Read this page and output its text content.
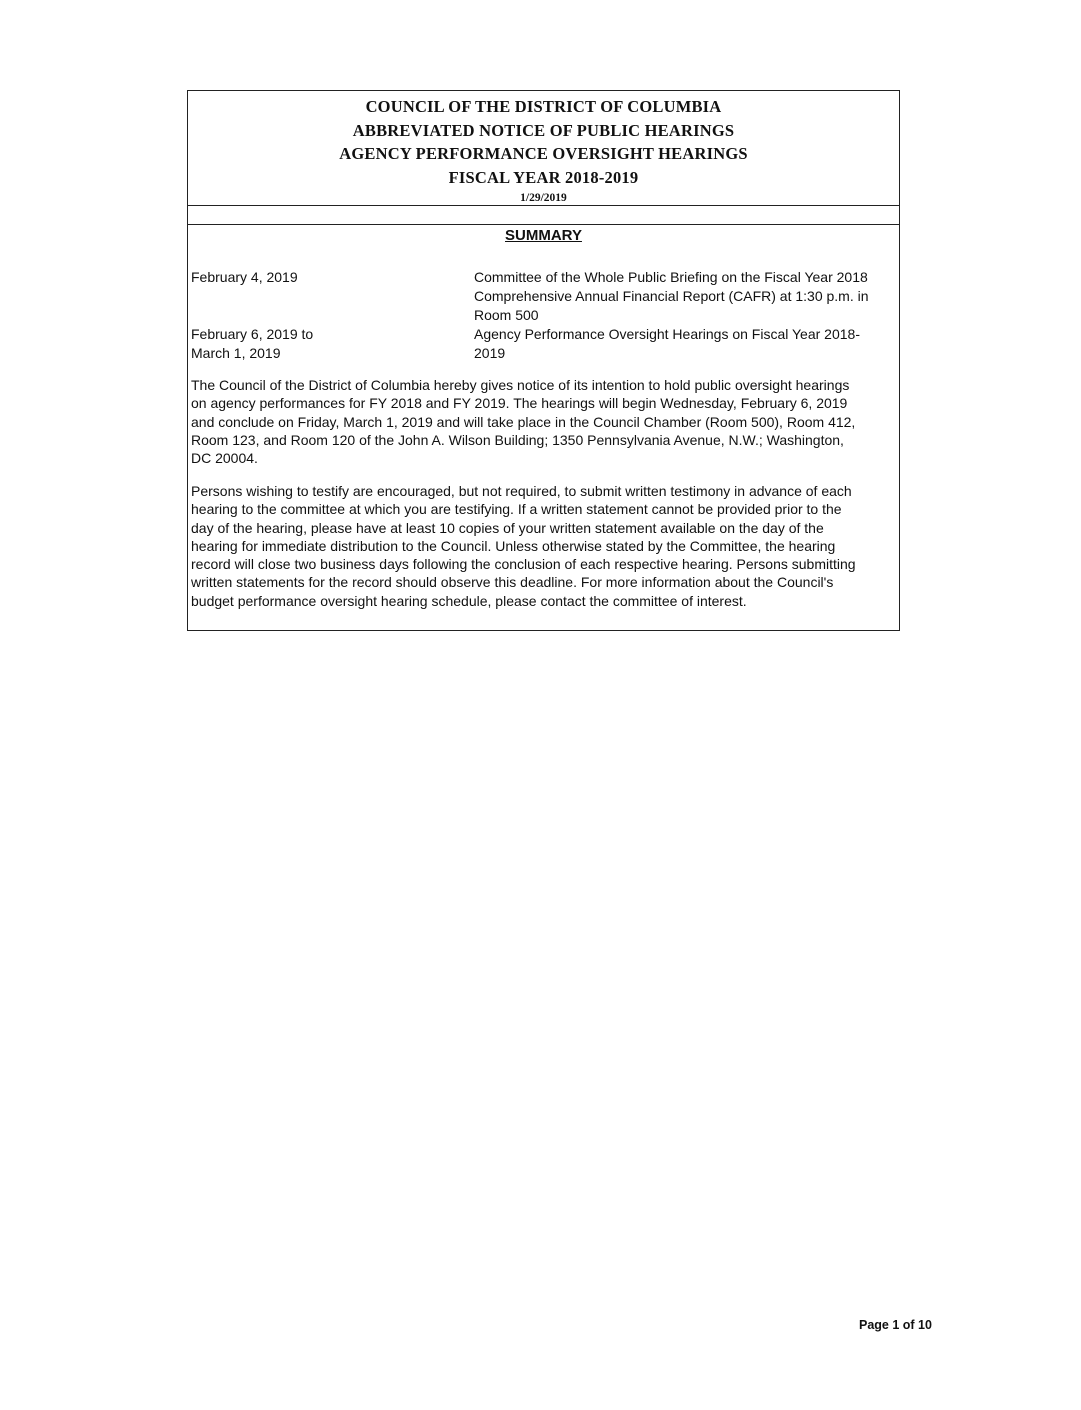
COUNCIL OF THE DISTRICT OF COLUMBIA
ABBREVIATED NOTICE OF PUBLIC HEARINGS
AGENCY PERFORMANCE OVERSIGHT HEARINGS
FISCAL YEAR 2018-2019
1/29/2019
SUMMARY
February 4, 2019	Committee of the Whole Public Briefing on the Fiscal Year 2018
Comprehensive Annual Financial Report (CAFR) at 1:30 p.m. in
Room 500
February 6, 2019 to
March 1, 2019
Agency Performance Oversight Hearings on Fiscal Year 2018-
2019
The Council of the District of Columbia hereby gives notice of its intention to hold public oversight hearings
on agency performances for FY 2018 and FY 2019. The hearings will begin Wednesday, February 6, 2019
and conclude on Friday, March 1, 2019 and will take place in the Council Chamber (Room 500), Room 412,
Room 123, and Room 120 of the John A. Wilson Building; 1350 Pennsylvania Avenue, N.W.; Washington,
DC 20004.
Persons wishing to testify are encouraged, but not required, to submit written testimony in advance of each
hearing to the committee at which you are testifying. If a written statement cannot be provided prior to the
day of the hearing, please have at least 10 copies of your written statement available on the day of the
hearing for immediate distribution to the Council. Unless otherwise stated by the Committee, the hearing
record will close two business days following the conclusion of each respective hearing. Persons submitting
written statements for the record should observe this deadline. For more information about the Council's
budget performance oversight hearing schedule, please contact the committee of interest.
Page 1 of 10
